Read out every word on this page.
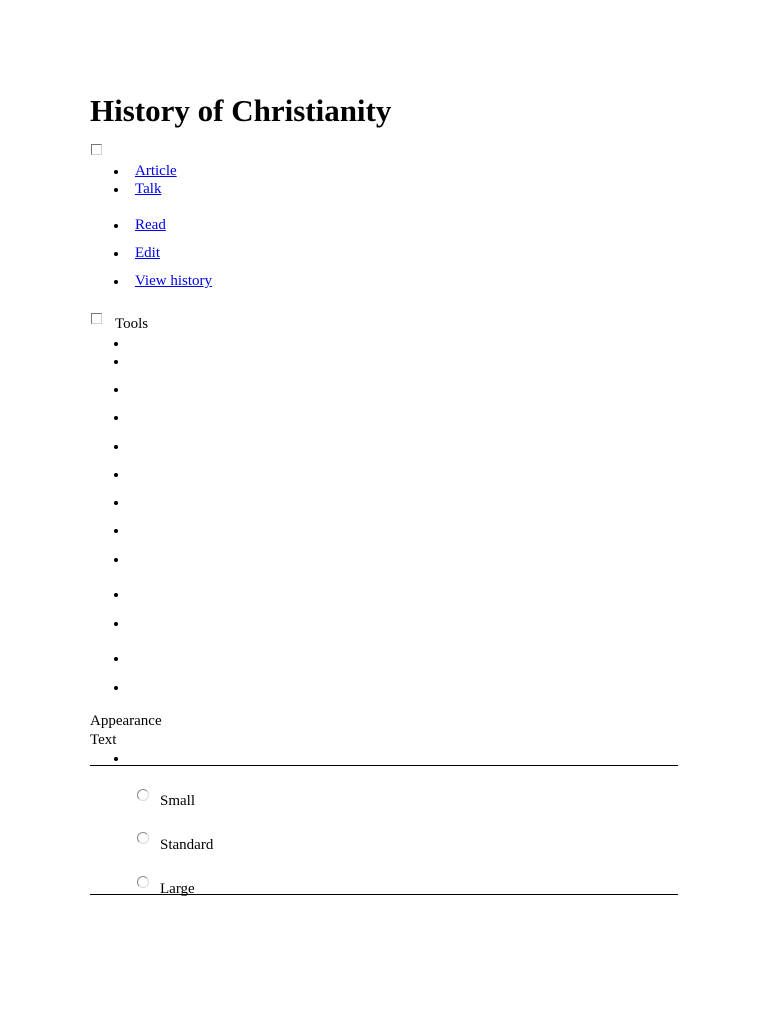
History of Christianity
Article
Talk
Read
Edit
View history
Tools
Appearance
Text
Small
Standard
Large
